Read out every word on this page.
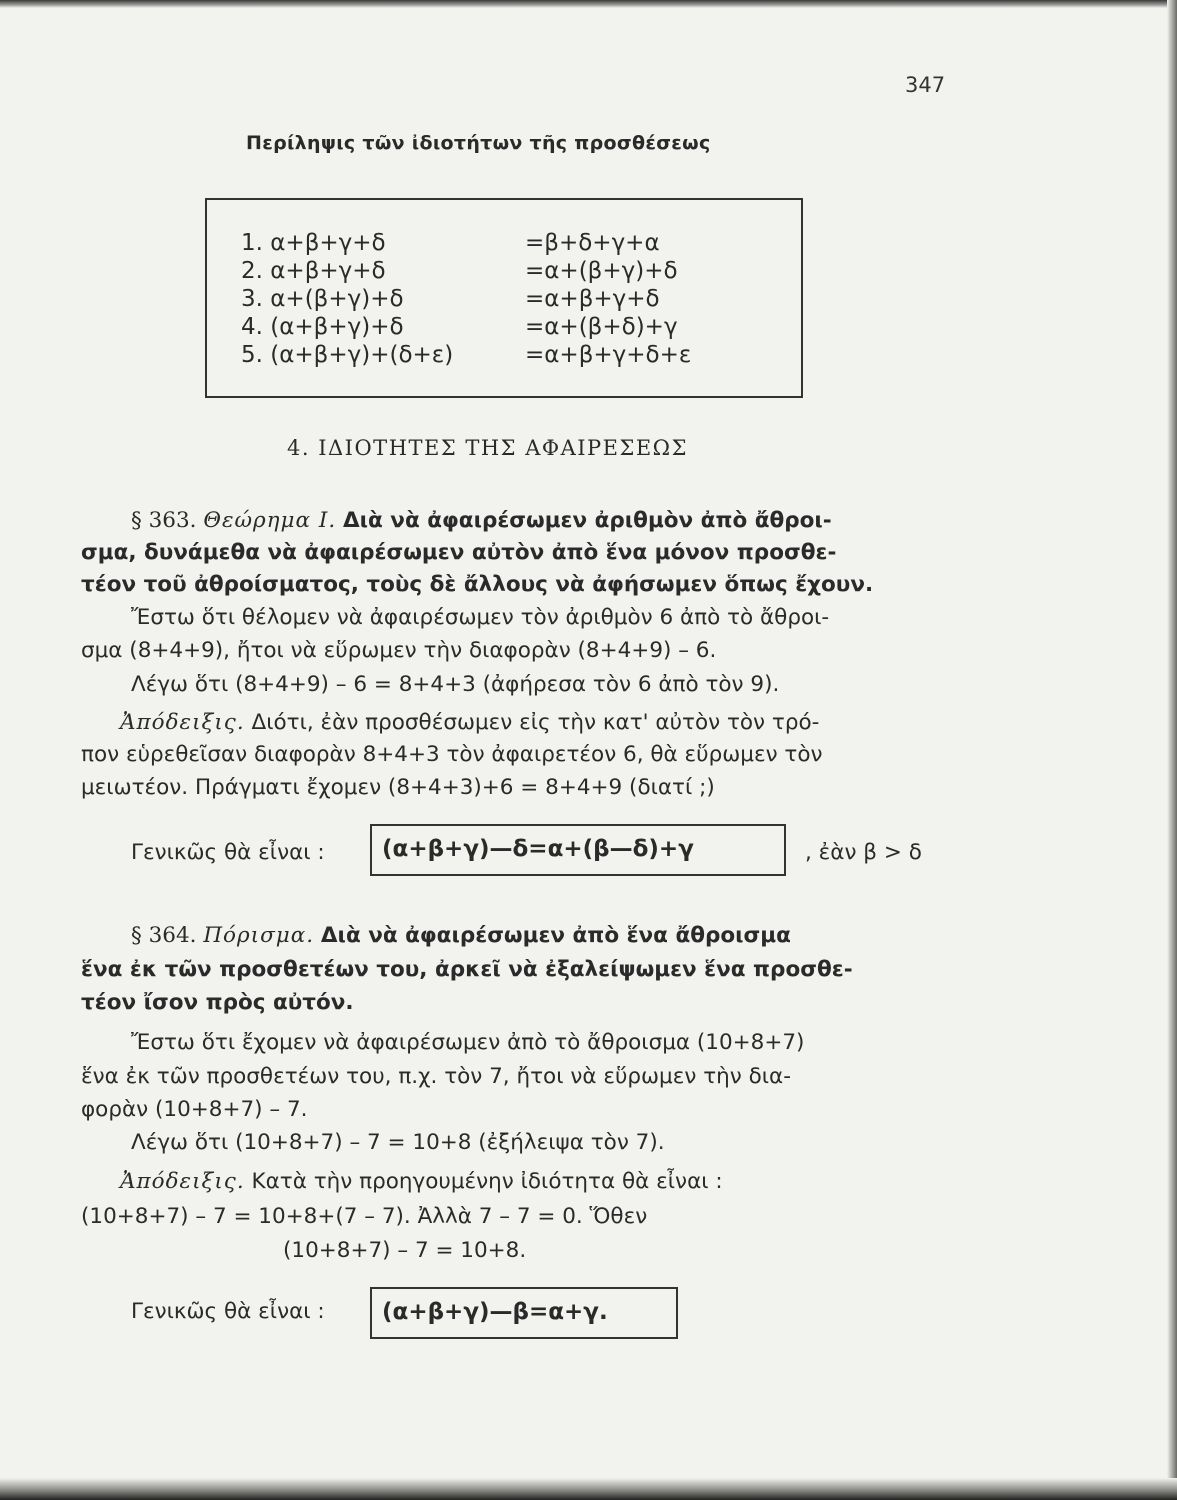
347
Περίληψις τῶν ἰδιοτήτων τῆς προσθέσεως
1. α+β+γ+δ	=β+δ+γ+α
2. α+β+γ+δ	=α+(β+γ)+δ
3. α+(β+γ)+δ	=α+β+γ+δ
4. (α+β+γ)+δ	=α+(β+δ)+γ
5. (α+β+γ)+(δ+ε)	=α+β+γ+δ+ε
4. ΙΔΙΟΤΗΤΕΣ ΤΗΣ ΑΦΑΙΡΕΣΕΩΣ
§ 363. Θεώρημα Ι. Διὰ νὰ ἀφαιρέσωμεν ἀριθμὸν ἀπὸ ἄθροι-
σμα, δυνάμεθα νὰ ἀφαιρέσωμεν αὐτὸν ἀπὸ ἕνα μόνον προσθε-
τέον τοῦ ἀθροίσματος, τοὺς δὲ ἄλλους νὰ ἀφήσωμεν ὅπως ἔχουν.
Ἔστω ὅτι θέλομεν νὰ ἀφαιρέσωμεν τὸν ἀριθμὸν 6 ἀπὸ τὸ ἄθροι-
σμα (8+4+9), ἤτοι νὰ εὕρωμεν τὴν διαφορὰν (8+4+9) – 6.
Λέγω ὅτι (8+4+9) – 6 = 8+4+3 (ἀφήρεσα τὸν 6 ἀπὸ τὸν 9).
Ἀπόδειξις. Διότι, ἐὰν προσθέσωμεν εἰς τὴν κατ' αὐτὸν τὸν τρό-
πον εὑρεθεῖσαν διαφορὰν 8+4+3 τὸν ἀφαιρετέον 6, θὰ εὕρωμεν τὸν
μειωτέον. Πράγματι ἔχομεν (8+4+3)+6 = 8+4+9 (διατί ;)
Γενικῶς θὰ εἶναι :	(α+β+γ)—δ=α+(β—δ)+γ	, ἐὰν β > δ
§ 364. Πόρισμα. Διὰ νὰ ἀφαιρέσωμεν ἀπὸ ἕνα ἄθροισμα
ἕνα ἐκ τῶν προσθετέων του, ἀρκεῖ νὰ ἐξαλείψωμεν ἕνα προσθε-
τέον ἴσον πρὸς αὐτόν.
Ἔστω ὅτι ἔχομεν νὰ ἀφαιρέσωμεν ἀπὸ τὸ ἄθροισμα (10+8+7)
ἕνα ἐκ τῶν προσθετέων του, π.χ. τὸν 7, ἤτοι νὰ εὕρωμεν τὴν δια-
φορὰν (10+8+7) – 7.
Λέγω ὅτι (10+8+7) – 7 = 10+8 (ἐξήλειψα τὸν 7).
Ἀπόδειξις. Κατὰ τὴν προηγουμένην ἰδιότητα θὰ εἶναι :
(10+8+7) – 7 = 10+8+(7 – 7). Ἀλλὰ 7 – 7 = 0. Ὅθεν
(10+8+7) – 7 = 10+8.
Γενικῶς θὰ εἶναι :	(α+β+γ)—β=α+γ.
